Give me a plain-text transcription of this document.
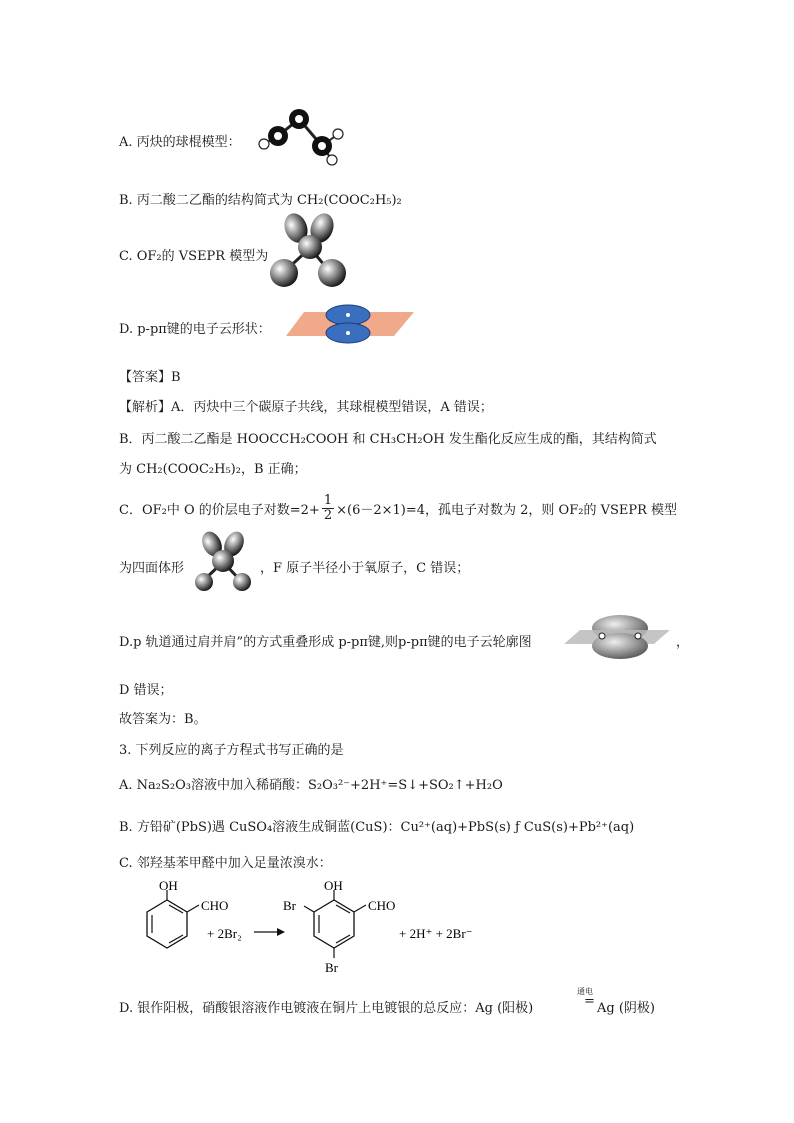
A. 丙炔的球棍模型：
B. 丙二酸二乙酯的结构简式为 CH₂(COOC₂H₅)₂
C. OF₂的 VSEPR 模型为
D. p-pπ键的电子云形状：
【答案】B
【解析】A．丙炔中三个碳原子共线，其球棍模型错误，A 错误；
B．丙二酸二乙酯是 HOOCCH₂COOH 和 CH₃CH₂OH 发生酯化反应生成的酯，其结构简式
为 CH₂(COOC₂H₅)₂，B 正确；
C．OF₂中 O 的价层电子对数$=2+ \frac{1}{2} \times(6-2\times 1)=4$，孤电子对数为 2，则 OF₂的 VSEPR 模型
为四面体形	，F 原子半径小于氧原子，C 错误；
D.p 轨道通过肩并肩”的方式重叠形成 p-pπ键,则p-pπ键的电子云轮廓图	，
D 错误；
故答案为：B。
3. 下列反应的离子方程式书写正确的是
A. Na₂S₂O₃溶液中加入稀硝酸：S₂O₃²⁻+2H⁺=S↓+SO₂↑+H₂O
B. 方铅矿(PbS)遇 CuSO₄溶液生成铜蓝(CuS)：Cu²⁺(aq)+PbS(s) ƒ CuS(s)+Pb²⁺(aq)
C. 邻羟基苯甲醛中加入足量浓溴水：
OH
CHO
+ 2Br₂
OH
Br	CHO
Br
+ 2H⁺ + 2Br⁻
D. 银作阳极，硝酸银溶液作电镀液在铜片上电镀银的总反应：Ag (阳极)
通电
= Ag (阴极)
